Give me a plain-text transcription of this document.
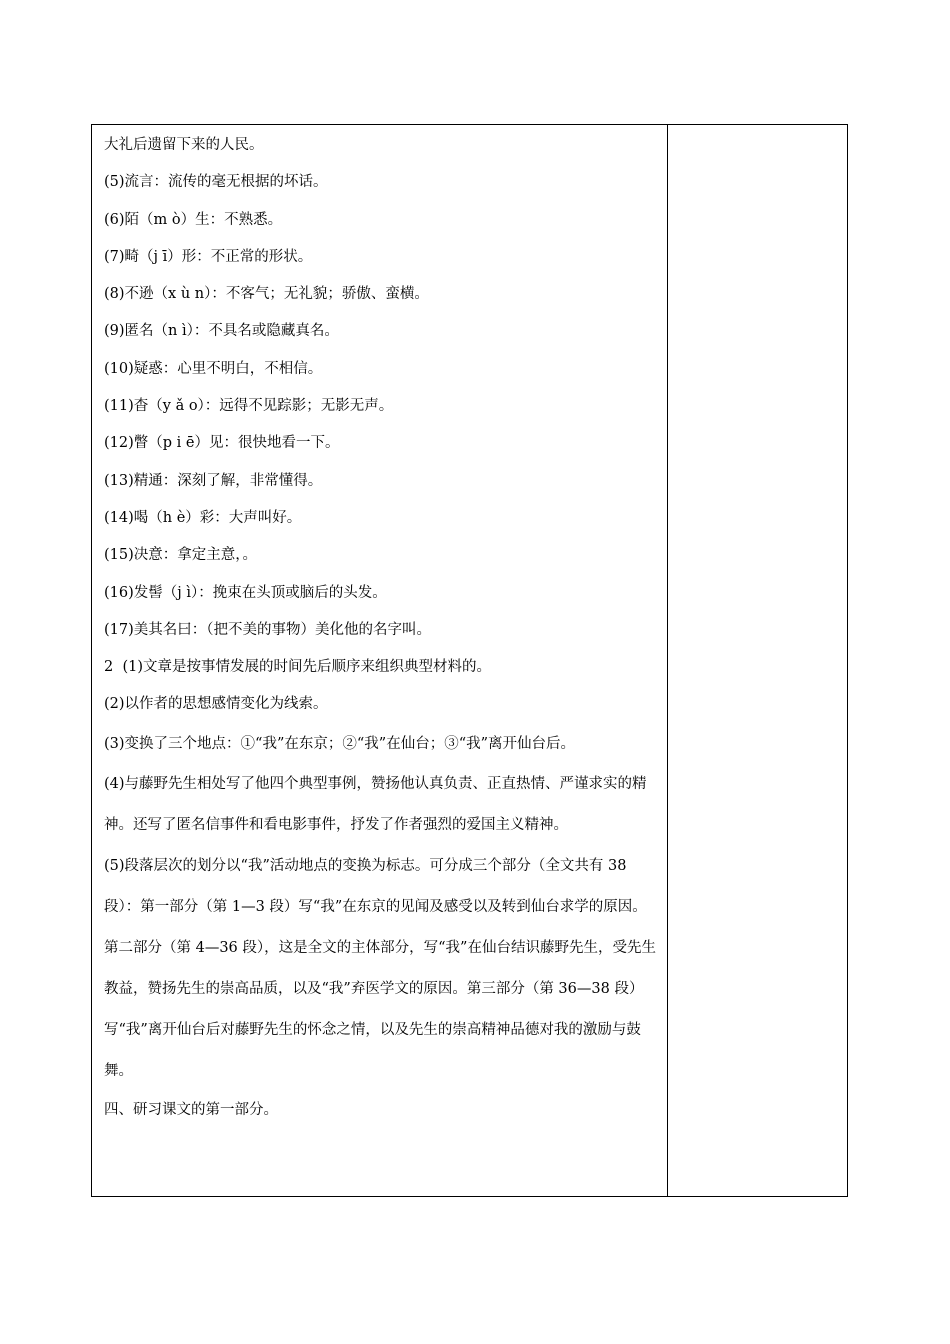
大礼后遗留下来的人民。

(5)流言：流传的毫无根据的坏话。

(6)陌（m ò）生：不熟悉。

(7)畸（j ī）形：不正常的形状。

(8)不逊（x ù n）：不客气；无礼貌；骄傲、蛮横。

(9)匿名（n ì）：不具名或隐藏真名。

(10)疑惑：心里不明白，不相信。

(11)杳（y ǎ o）：远得不见踪影；无影无声。

(12)瞥（p i ē）见：很快地看一下。

(13)精通：深刻了解，非常懂得。

(14)喝（h è）彩：大声叫好。

(15)决意：拿定主意，。

(16)发髻（j ì）：挽束在头顶或脑后的头发。

(17)美其名曰：（把不美的事物）美化他的名字叫。

2  (1)文章是按事情发展的时间先后顺序来组织典型材料的。

(2)以作者的思想感情变化为线索。

(3)变换了三个地点：①“我”在东京；②“我”在仙台；③“我”离开仙台后。

(4)与藤野先生相处写了他四个典型事例，赞扬他认真负责、正直热情、严谨求实的精神。还写了匿名信事件和看电影事件，抒发了作者强烈的爱国主义精神。

(5)段落层次的划分以“我”活动地点的变换为标志。可分成三个部分（全文共有 38 段）：第一部分（第 1—3 段）写“我”在东京的见闻及感受以及转到仙台求学的原因。第二部分（第 4—36 段），这是全文的主体部分，写“我”在仙台结识藤野先生，受先生教益，赞扬先生的崇高品质，以及“我”弃医学文的原因。第三部分（第 36—38 段）写“我”离开仙台后对藤野先生的怀念之情，以及先生的崇高精神品德对我的激励与鼓舞。

四、研习课文的第一部分。
